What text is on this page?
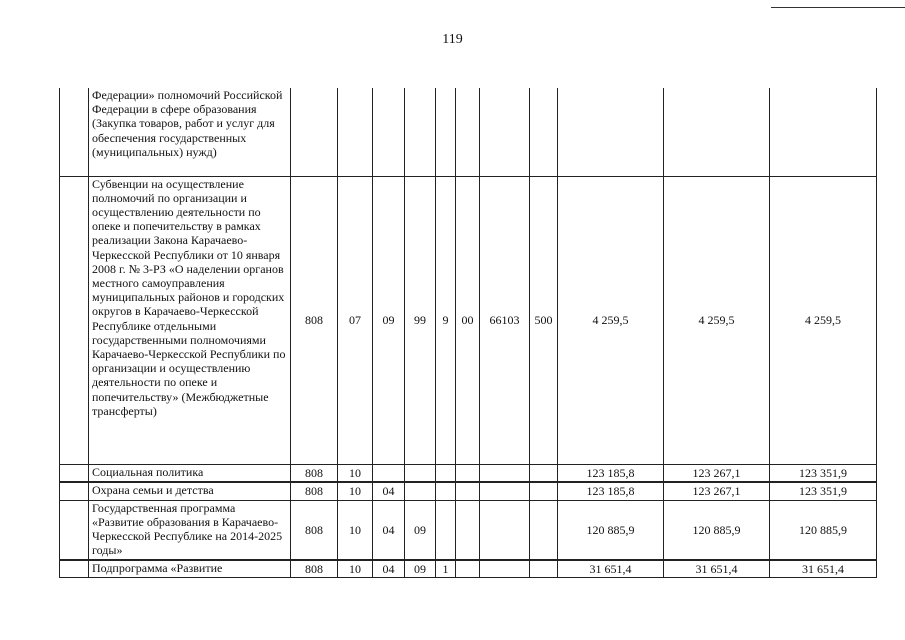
119
	Федерации» полномочий Российской Федерации в сфере образования (Закупка товаров, работ и услуг для обеспечения государственных (муниципальных) нужд)											
	Субвенции на осуществление полномочий по организации и осуществлению деятельности по опеке и попечительству в рамках реализации Закона Карачаево-Черкесской Республики от 10 января 2008 г. № 3-РЗ «О наделении органов местного самоуправления муниципальных районов и городских округов в Карачаево-Черкесской Республике отдельными государственными полномочиями Карачаево-Черкесской Республики по организации и осуществлению деятельности по опеке и попечительству» (Межбюджетные трансферты)	808	07	09	99	9	00	66103	500	4 259,5	4 259,5	4 259,5
	Социальная политика	808	10							123 185,8	123 267,1	123 351,9
	Охрана семьи и детства	808	10	04						123 185,8	123 267,1	123 351,9
	Государственная программа «Развитие образования в Карачаево-Черкесской Республике на 2014-2025 годы»	808	10	04	09					120 885,9	120 885,9	120 885,9
	Подпрограмма «Развитие	808	10	04	09	1				31 651,4	31 651,4	31 651,4
